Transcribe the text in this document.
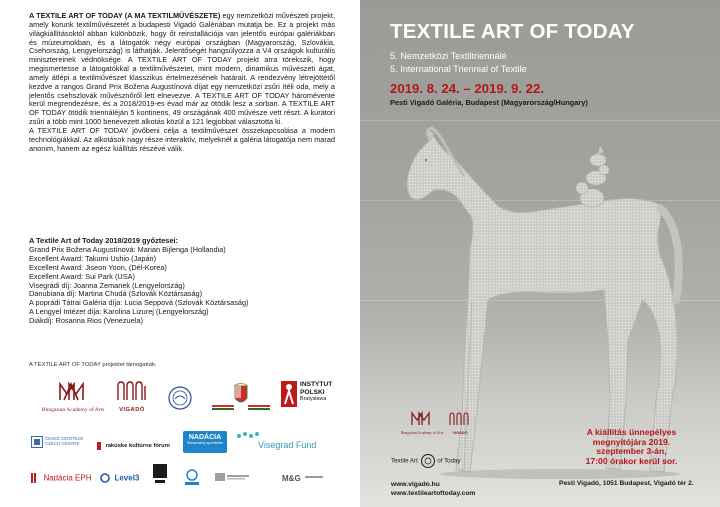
A TEXTILE ART OF TODAY (A MA TEXTILMŰVÉSZETE) egy nemzetközi művészeti projekt, amely korunk textilművészetét a budapesti Vigadó Galériában mutatja be. Ez a projekt más világkiállításoktól abban különbözik, hogy őt reinstallációja van jelentős európai galériákban és múzeumokban, és a látogatók négy európai országban (Magyarország, Szlovákia, Csehország, Lengyelország) is láthatják. Jelentőségét hangsúlyozza a V4 országok kulturális minisztereinek védnöksége. A TEXTILE ART OF TODAY projekt arra törekszik, hogy megismertesse a látogatókkal a textilművészetet, mint modern, dinamikus művészeti ágat, amely átlépi a textilművészet klasszikus értelmezésének határait. A rendezvény létrejöttétől kezdve a rangos Grand Prix Božena Augustínová díjat egy nemzetközi zsűri ítéli oda, mely a jelentős csehszlovák művésznőről lett elnevezve. A TEXTILE ART OF TODAY háromévente kerül megrendezésre, és a 2018/2019-es évad már az ötödik lesz a sorban. A TEXTILE ART OF TODAY ötödik triennáléján 5 kontinens, 49 országának 400 művésze vett részt. A kurátori zsűri a több mint 1000 benevezett alkotás közül a 121 legjobbat választotta ki.

A TEXTILE ART OF TODAY jövőbeni célja a textilművészet összekapcsolása a modern technológiákkal. Az alkotások nagy része interaktív, melyeknél a galéria látogatója nem marad anonim, hanem az egész kiállítás részévé válik.

A Textile Art of Today 2018/2019 győztesei:
Grand Prix Božena Augustínová: Marian Bijlenga (Hollandia)
Excellent Award: Takumi Ushio (Japán)
Excellent Award: Jiseon Yoon, (Dél-Korea)
Excellent Award: Sui Park (USA)
Visegrádi díj: Joanna Zemanek (Lengyelország)
Danubiana díj: Martina Chudá (Szlovák Köztársaság)
A poprádi Tátrai Galéria díja: Lucia Seppová (Szlovák Köztársaság)
A Lengyel Intézet díja: Karolina Lizurej (Lengyelország)
Diákdíj: Rosanna Rios (Venezuela)
A TEXTILE ART OF TODAY projektet támogatták:
Hungarian Academy of Arts	VIGADÓ
INSTYTUT
POLSKI
Bratysława
ČESKÉ CENTRUM
CZECH CENTRE	rakúske kultúrne fórum
NADÁCIA
Slovenskej sporiteľne	Visegrad Fund
Nadácia EPH	Level3	M&G
TEXTILE ART OF TODAY
5. Nemzetközi Textiltriennálé
5. International Triennial of Textile
2019. 8. 24. – 2019. 9. 22.
Pesti Vigadó Galéria, Budapest (Magyarország/Hungary)
Hungarian Academy of Arts	VIGADÓ
Textile Art	of Today
www.vigado.hu
www.textileartoftoday.com
A kiállítás ünnepélyes
megnyitójára 2019.
szeptember 3-án,
17:00 órakor kerül sor.
Pesti Vigadó, 1051 Budapest, Vigadó tér 2.
